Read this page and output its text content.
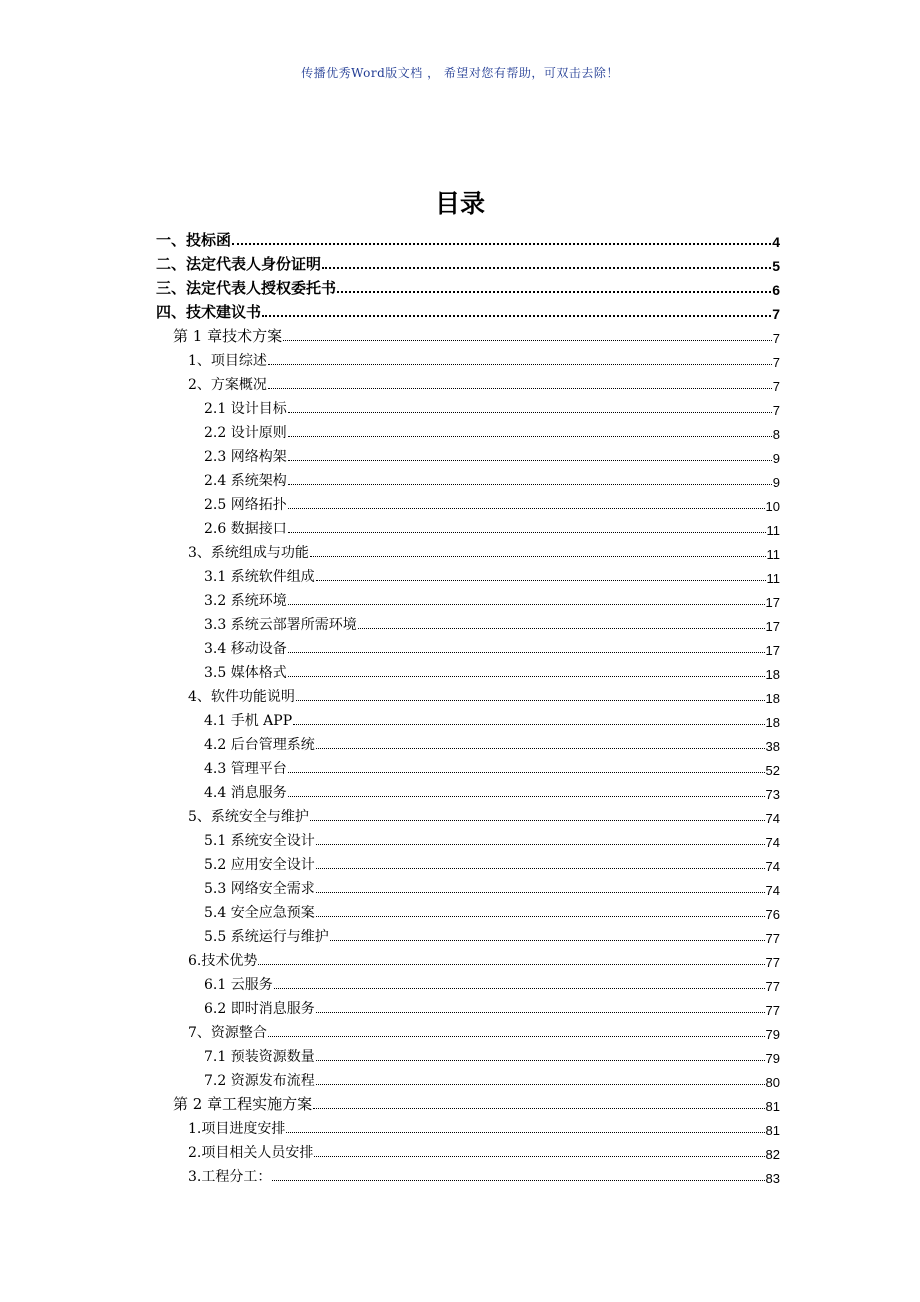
传播优秀Word版文档 ， 希望对您有帮助，可双击去除！
目录
一、投标函	4
二、法定代表人身份证明	5
三、法定代表人授权委托书	6
四、技术建议书	7
第 1 章技术方案	7
1、项目综述	7
2、方案概况	7
2.1 设计目标	7
2.2 设计原则	8
2.3 网络构架	9
2.4 系统架构	9
2.5 网络拓扑	10
2.6 数据接口	11
3、系统组成与功能	11
3.1 系统软件组成	11
3.2 系统环境	17
3.3 系统云部署所需环境	17
3.4 移动设备	17
3.5 媒体格式	18
4、软件功能说明	18
4.1 手机 APP	18
4.2 后台管理系统	38
4.3 管理平台	52
4.4 消息服务	73
5、系统安全与维护	74
5.1 系统安全设计	74
5.2 应用安全设计	74
5.3 网络安全需求	74
5.4 安全应急预案	76
5.5 系统运行与维护	77
6.技术优势	77
6.1 云服务	77
6.2 即时消息服务	77
7、资源整合	79
7.1 预装资源数量	79
7.2 资源发布流程	80
第 2 章工程实施方案	81
1.项目进度安排	81
2.项目相关人员安排	82
3.工程分工：	83
